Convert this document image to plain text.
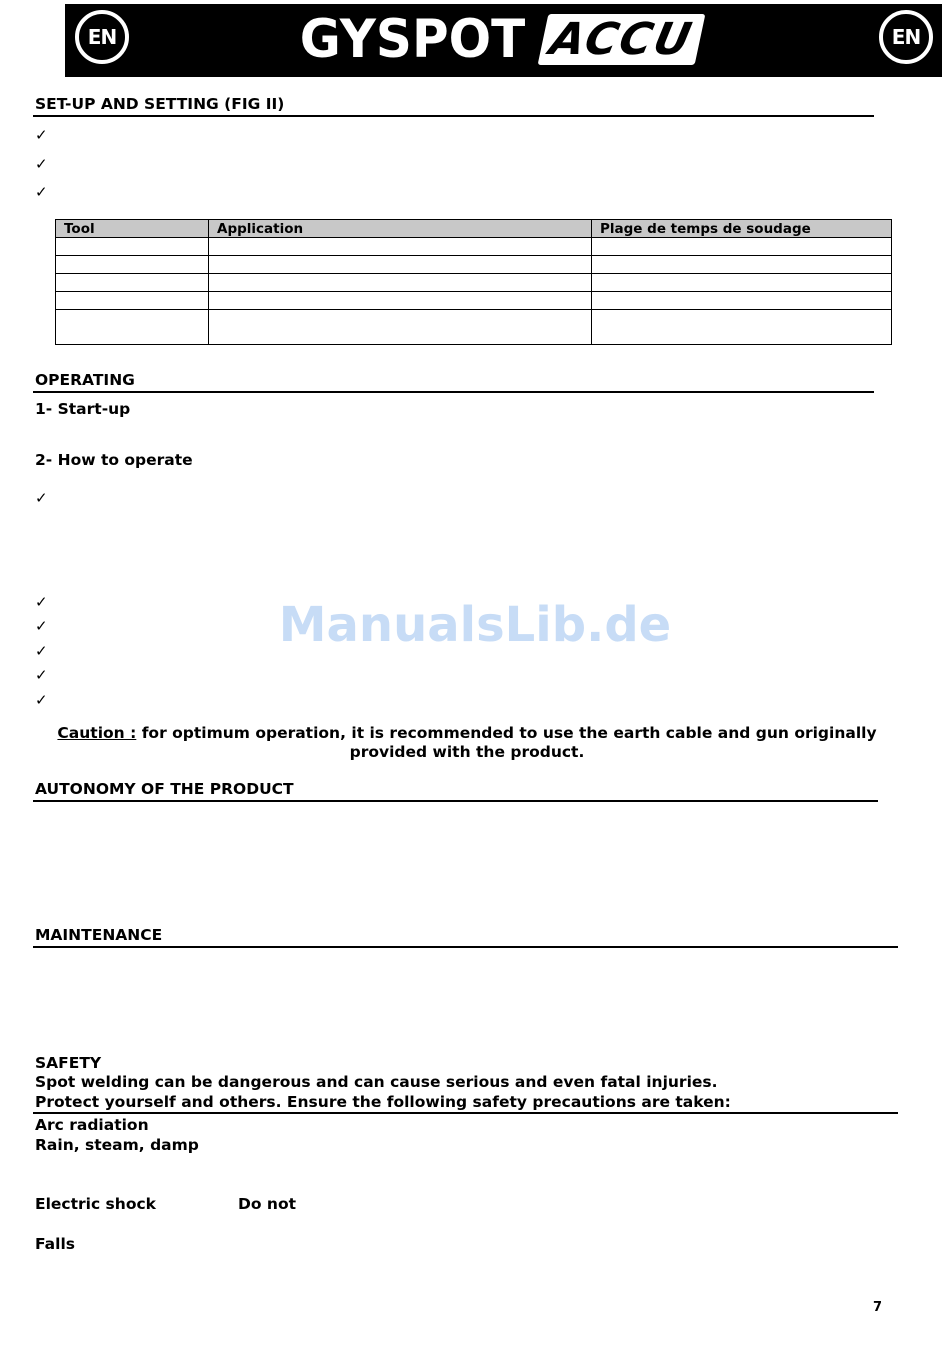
EN	EN
GYSPOT ACCU
SET-UP AND SETTING (FIG II)
✓
✓
✓
Tool	Application	Plage de temps de soudage

OPERATING
1- Start-up
2- How to operate
✓
✓
✓
✓
✓
✓
ManualsLib.de
Caution : for optimum operation, it is recommended to use the earth cable and gun originally
provided with the product.
AUTONOMY OF THE PRODUCT
MAINTENANCE
SAFETY
Spot welding can be dangerous and can cause serious and even fatal injuries.
Protect yourself and others. Ensure the following safety precautions are taken:
Arc radiation
Rain, steam, damp
Electric shock	Do not
Falls
7
